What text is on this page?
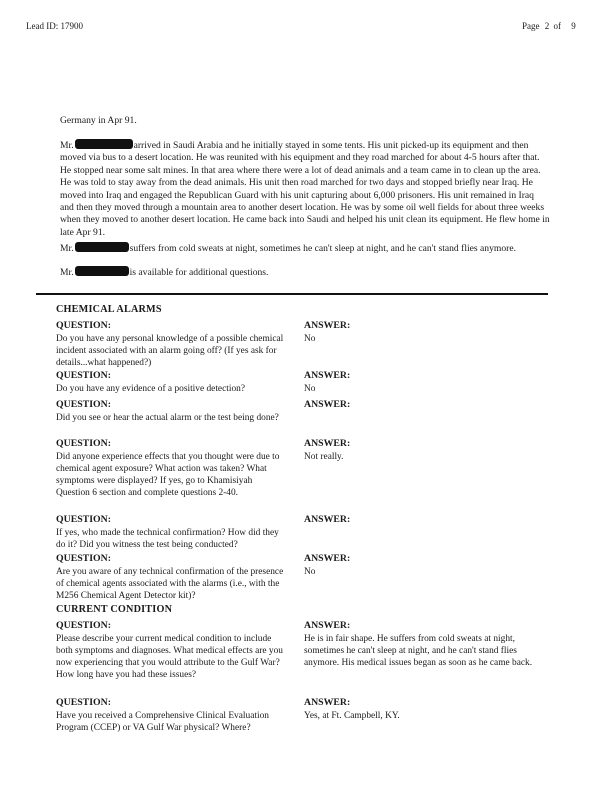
Lead ID: 17900	Page 2 of 9
Germany in Apr 91.
Mr.	arrived in Saudi Arabia and he initially stayed in some tents. His unit picked-up its equipment and then moved via bus to a desert location. He was reunited with his equipment and they road marched for about 4-5 hours after that. He stopped near some salt mines. In that area where there were a lot of dead animals and a team came in to clean up the area. He was told to stay away from the dead animals. His unit then road marched for two days and stopped briefly near Iraq. He moved into Iraq and engaged the Republican Guard with his unit capturing about 6,000 prisoners. His unit remained in Iraq and then they moved through a mountain area to another desert location. He was by some oil well fields for about three weeks when they moved to another desert location. He came back into Saudi and helped his unit clean its equipment. He flew home in late Apr 91.
Mr.	suffers from cold sweats at night, sometimes he can't sleep at night, and he can't stand flies anymore.
Mr.	is available for additional questions.
CHEMICAL ALARMS
QUESTION:	ANSWER:
Do you have any personal knowledge of a possible chemical incident associated with an alarm going off? (If yes ask for details...what happened?)
No
QUESTION:	ANSWER:
Do you have any evidence of a positive detection?	No
QUESTION:	ANSWER:
Did you see or hear the actual alarm or the test being done?
QUESTION:	ANSWER:
Did anyone experience effects that you thought were due to chemical agent exposure? What action was taken? What symptoms were displayed? If yes, go to Khamisiyah Question 6 section and complete questions 2-40.
Not really.
QUESTION:	ANSWER:
If yes, who made the technical confirmation? How did they do it? Did you witness the test being conducted?
QUESTION:	ANSWER:
Are you aware of any technical confirmation of the presence of chemical agents associated with the alarms (i.e., with the M256 Chemical Agent Detector kit)?
No
CURRENT CONDITION
QUESTION:	ANSWER:
Please describe your current medical condition to include both symptoms and diagnoses. What medical effects are you now experiencing that you would attribute to the Gulf War? How long have you had these issues?
He is in fair shape. He suffers from cold sweats at night, sometimes he can't sleep at night, and he can't stand flies anymore. His medical issues began as soon as he came back.
QUESTION:	ANSWER:
Have you received a Comprehensive Clinical Evaluation Program (CCEP) or VA Gulf War physical? Where?
Yes, at Ft. Campbell, KY.
